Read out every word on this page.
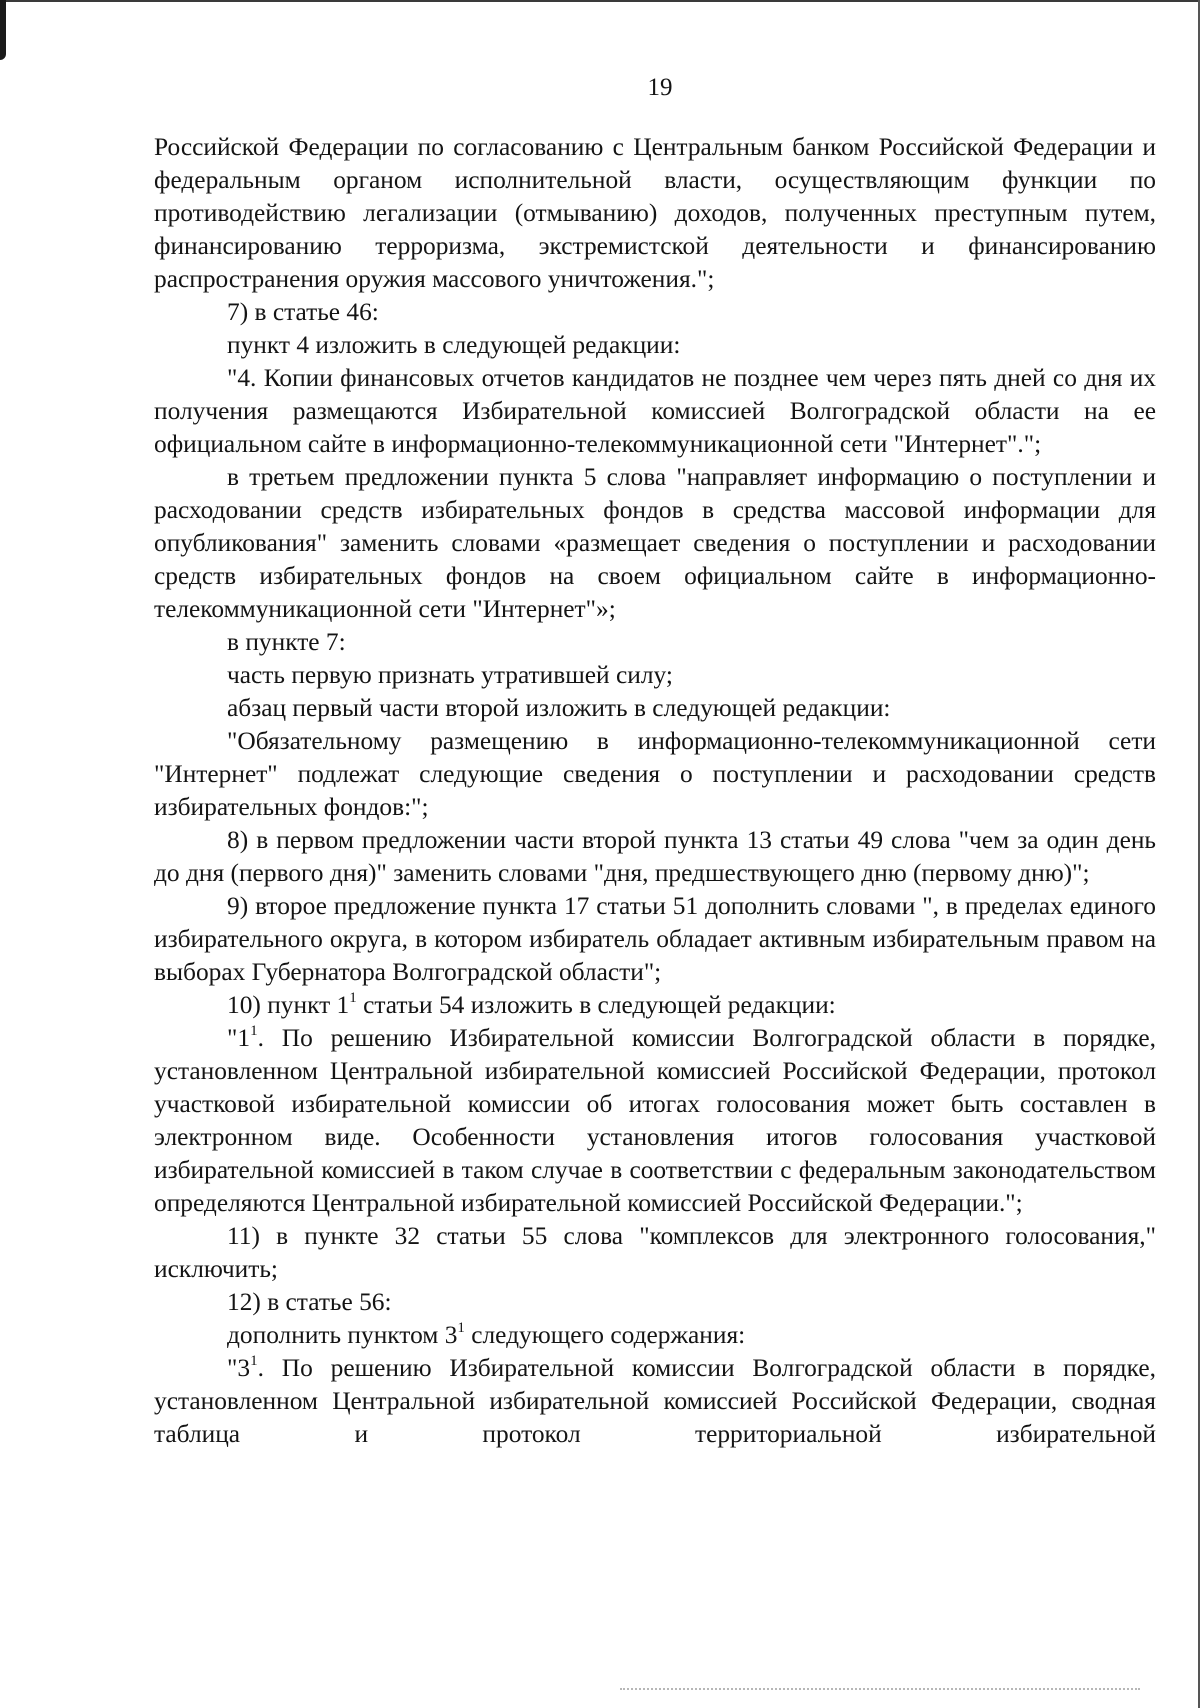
19

Российской Федерации по согласованию с Центральным банком Российской Федерации и федеральным органом исполнительной власти, осуществляющим функции по противодействию легализации (отмыванию) доходов, полученных преступным путем, финансированию терроризма, экстремистской деятельности и финансированию распространения оружия массового уничтожения.";

7) в статье 46:

пункт 4 изложить в следующей редакции:

"4. Копии финансовых отчетов кандидатов не позднее чем через пять дней со дня их получения размещаются Избирательной комиссией Волгоградской области на ее официальном сайте в информационно-телекоммуникационной сети "Интернет".";

в третьем предложении пункта 5 слова "направляет информацию о поступлении и расходовании средств избирательных фондов в средства массовой информации для опубликования" заменить словами «размещает сведения о поступлении и расходовании средств избирательных фондов на своем официальном сайте в информационно-телекоммуникационной сети "Интернет"»;

в пункте 7:

часть первую признать утратившей силу;

абзац первый части второй изложить в следующей редакции:

"Обязательному размещению в информационно-телекоммуникационной сети "Интернет" подлежат следующие сведения о поступлении и расходовании средств избирательных фондов:";

8) в первом предложении части второй пункта 13 статьи 49 слова "чем за один день до дня (первого дня)" заменить словами "дня, предшествующего дню (первому дню)";

9) второе предложение пункта 17 статьи 51 дополнить словами ", в пределах единого избирательного округа, в котором избиратель обладает активным избирательным правом на выборах Губернатора Волгоградской области";

10) пункт $1^1$ статьи 54 изложить в следующей редакции:

"$1^1$. По решению Избирательной комиссии Волгоградской области в порядке, установленном Центральной избирательной комиссией Российской Федерации, протокол участковой избирательной комиссии об итогах голосования может быть составлен в электронном виде. Особенности установления итогов голосования участковой избирательной комиссией в таком случае в соответствии с федеральным законодательством определяются Центральной избирательной комиссией Российской Федерации.";

11) в пункте 32 статьи 55 слова "комплексов для электронного голосования," исключить;

12) в статье 56:

дополнить пунктом $3^1$ следующего содержания:

"$3^1$. По решению Избирательной комиссии Волгоградской области в порядке, установленном Центральной избирательной комиссией Российской Федерации, сводная таблица и протокол территориальной избирательной
